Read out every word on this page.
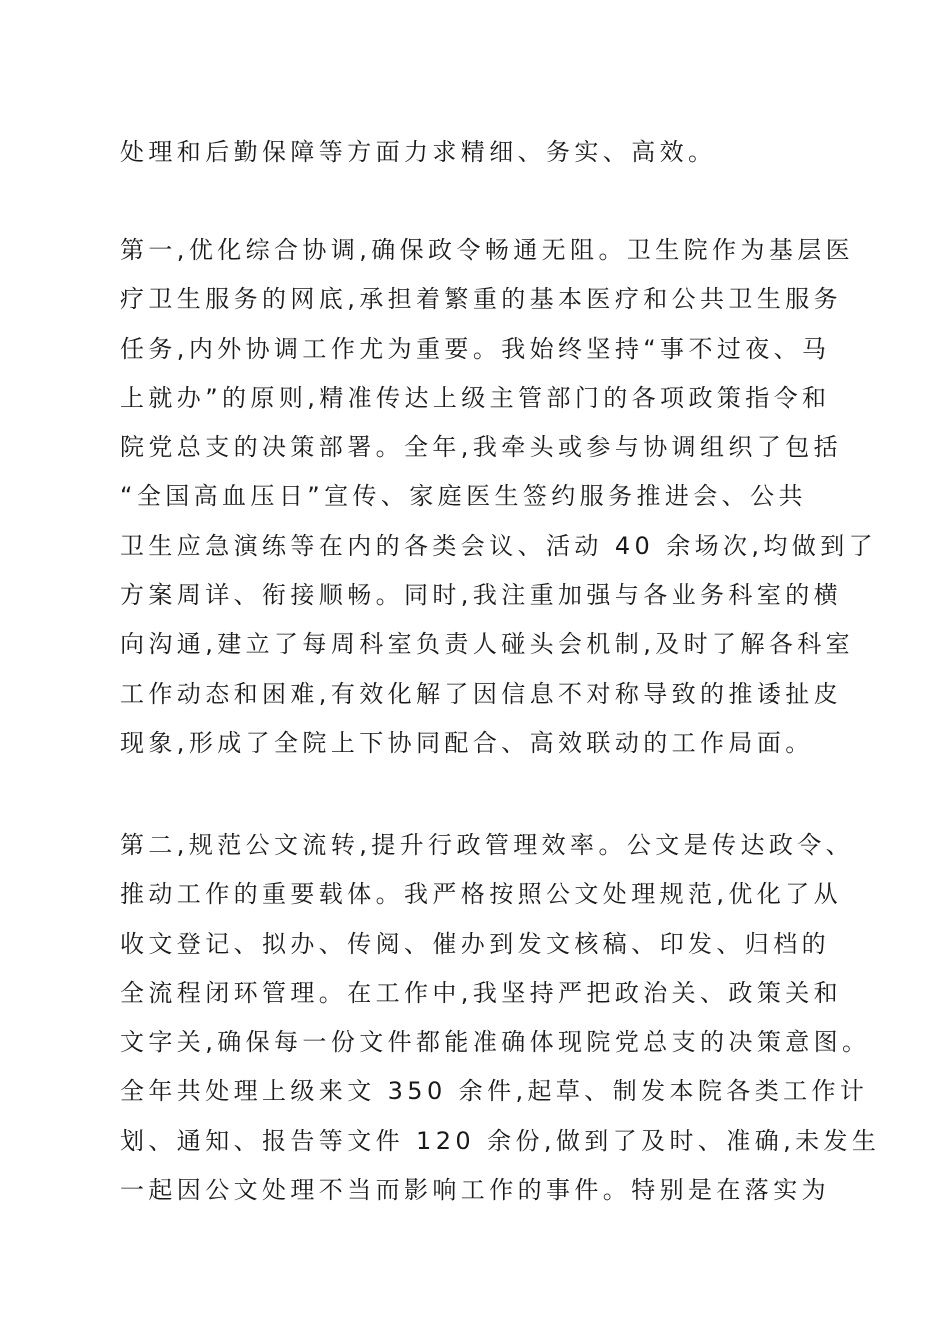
处理和后勤保障等方面力求精细、务实、高效。
第一,优化综合协调,确保政令畅通无阻。卫生院作为基层医
疗卫生服务的网底,承担着繁重的基本医疗和公共卫生服务
任务,内外协调工作尤为重要。我始终坚持“事不过夜、马
上就办”的原则,精准传达上级主管部门的各项政策指令和
院党总支的决策部署。全年,我牵头或参与协调组织了包括
“全国高血压日”宣传、家庭医生签约服务推进会、公共
卫生应急演练等在内的各类会议、活动 40 余场次,均做到了
方案周详、衔接顺畅。同时,我注重加强与各业务科室的横
向沟通,建立了每周科室负责人碰头会机制,及时了解各科室
工作动态和困难,有效化解了因信息不对称导致的推诿扯皮
现象,形成了全院上下协同配合、高效联动的工作局面。
第二,规范公文流转,提升行政管理效率。公文是传达政令、
推动工作的重要载体。我严格按照公文处理规范,优化了从
收文登记、拟办、传阅、催办到发文核稿、印发、归档的
全流程闭环管理。在工作中,我坚持严把政治关、政策关和
文字关,确保每一份文件都能准确体现院党总支的决策意图。
全年共处理上级来文 350 余件,起草、制发本院各类工作计
划、通知、报告等文件 120 余份,做到了及时、准确,未发生
一起因公文处理不当而影响工作的事件。特别是在落实为
